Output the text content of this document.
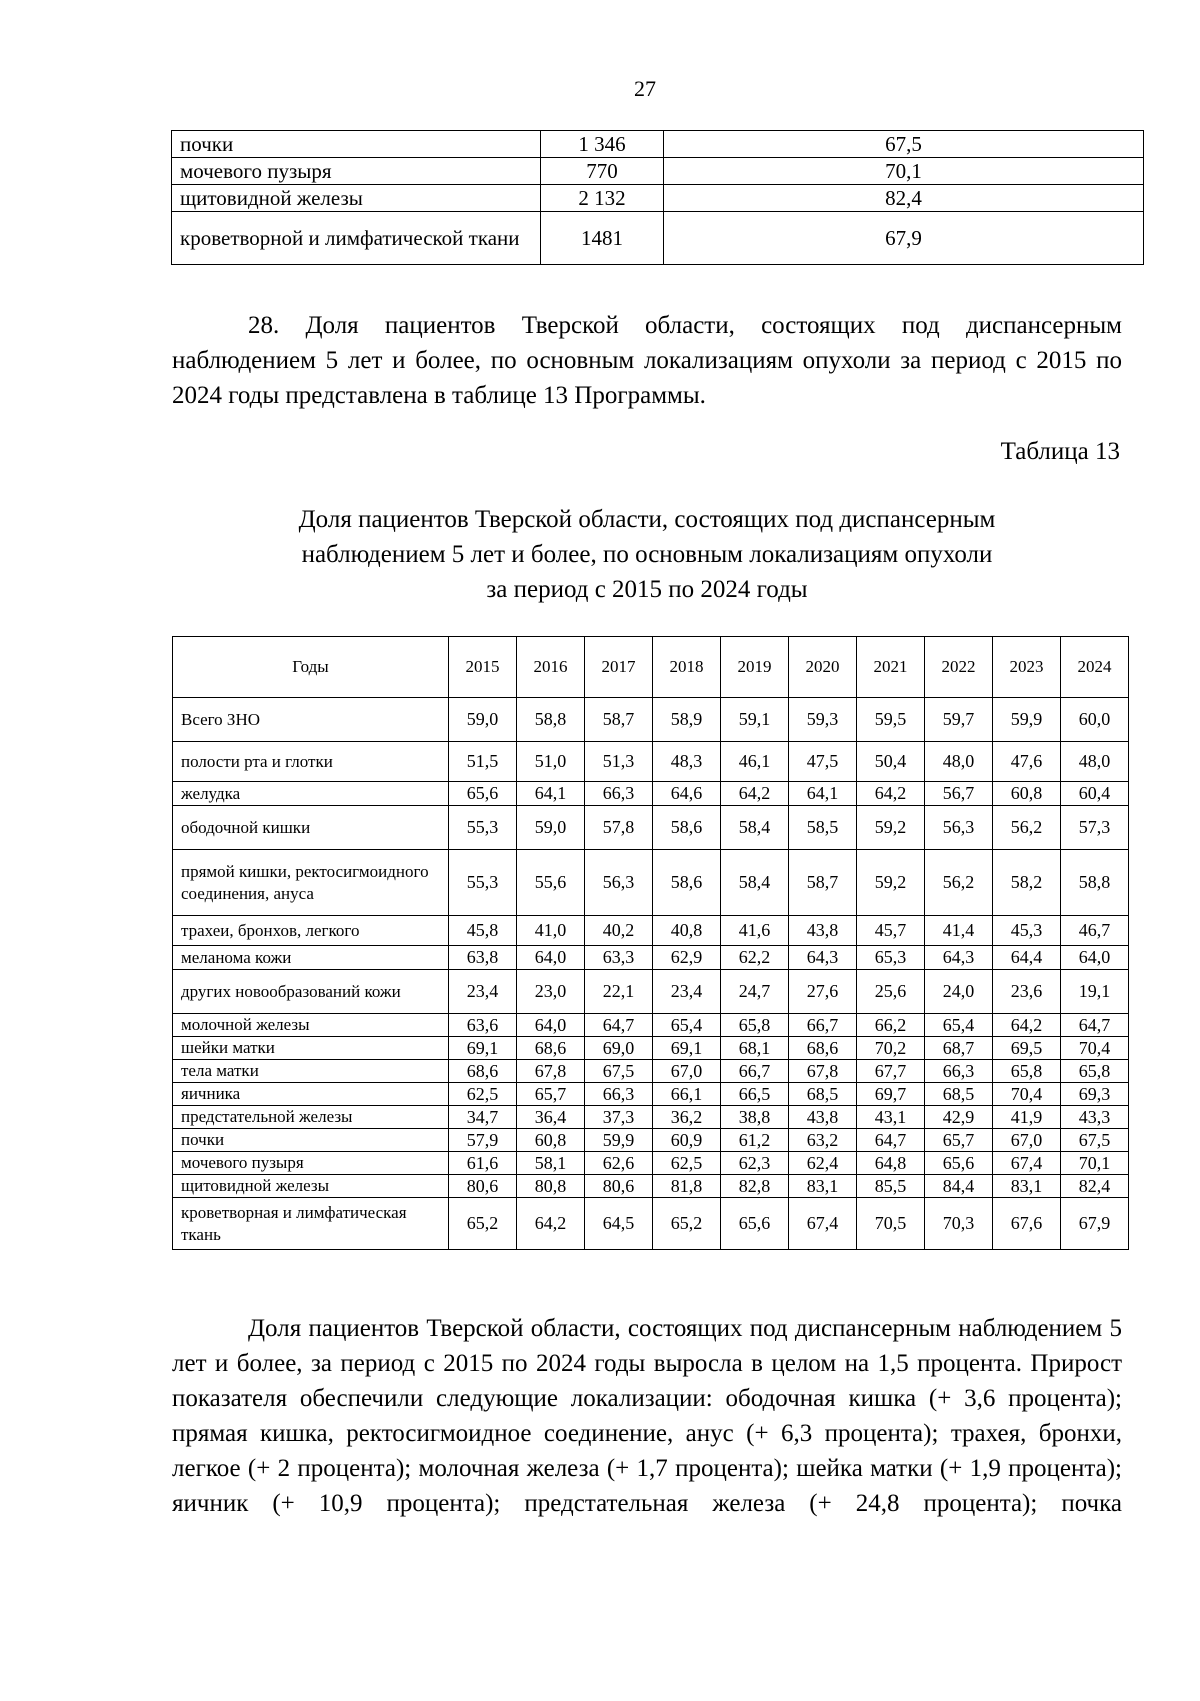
27
почки	1 346	67,5
мочевого пузыря	770	70,1
щитовидной железы	2 132	82,4
кроветворной и лимфатической ткани	1481	67,9

28. Доля пациентов Тверской области, состоящих под диспансерным наблюдением 5 лет и более, по основным локализациям опухоли за период с 2015 по 2024 годы представлена в таблице 13 Программы.

Таблица 13
Доля пациентов Тверской области, состоящих под диспансерным
наблюдением 5 лет и более, по основным локализациям опухоли
за период с 2015 по 2024 годы
Годы	2015	2016	2017	2018	2019	2020	2021	2022	2023	2024
Всего ЗНО	59,0	58,8	58,7	58,9	59,1	59,3	59,5	59,7	59,9	60,0
полости рта и глотки	51,5	51,0	51,3	48,3	46,1	47,5	50,4	48,0	47,6	48,0
желудка	65,6	64,1	66,3	64,6	64,2	64,1	64,2	56,7	60,8	60,4
ободочной кишки	55,3	59,0	57,8	58,6	58,4	58,5	59,2	56,3	56,2	57,3
прямой кишки, ректосигмоидного соединения, ануса	55,3	55,6	56,3	58,6	58,4	58,7	59,2	56,2	58,2	58,8
трахеи, бронхов, легкого	45,8	41,0	40,2	40,8	41,6	43,8	45,7	41,4	45,3	46,7
меланома кожи	63,8	64,0	63,3	62,9	62,2	64,3	65,3	64,3	64,4	64,0
других новообразований кожи	23,4	23,0	22,1	23,4	24,7	27,6	25,6	24,0	23,6	19,1
молочной железы	63,6	64,0	64,7	65,4	65,8	66,7	66,2	65,4	64,2	64,7
шейки матки	69,1	68,6	69,0	69,1	68,1	68,6	70,2	68,7	69,5	70,4
тела матки	68,6	67,8	67,5	67,0	66,7	67,8	67,7	66,3	65,8	65,8
яичника	62,5	65,7	66,3	66,1	66,5	68,5	69,7	68,5	70,4	69,3
предстательной железы	34,7	36,4	37,3	36,2	38,8	43,8	43,1	42,9	41,9	43,3
почки	57,9	60,8	59,9	60,9	61,2	63,2	64,7	65,7	67,0	67,5
мочевого пузыря	61,6	58,1	62,6	62,5	62,3	62,4	64,8	65,6	67,4	70,1
щитовидной железы	80,6	80,8	80,6	81,8	82,8	83,1	85,5	84,4	83,1	82,4
кроветворная и лимфатическая ткань	65,2	64,2	64,5	65,2	65,6	67,4	70,5	70,3	67,6	67,9

Доля пациентов Тверской области, состоящих под диспансерным наблюдением 5 лет и более, за период с 2015 по 2024 годы выросла в целом на 1,5 процента. Прирост показателя обеспечили следующие локализации: ободочная кишка (+ 3,6 процента); прямая кишка, ректосигмоидное соединение, анус (+ 6,3 процента); трахея, бронхи, легкое (+ 2 процента); молочная железа (+ 1,7 процента); шейка матки (+ 1,9 процента); яичник (+ 10,9 процента); предстательная железа (+ 24,8 процента); почка
